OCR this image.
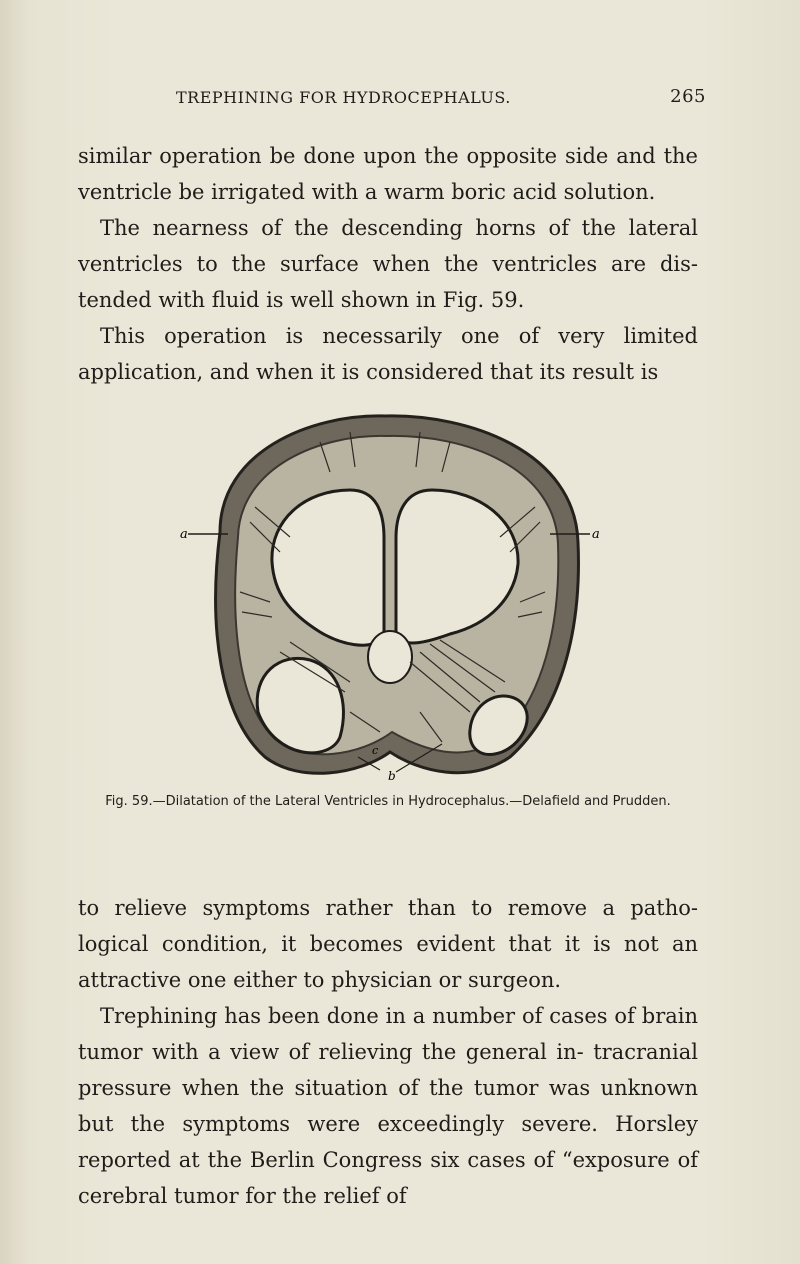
TREPHINING FOR HYDROCEPHALUS.	265

similar operation be done upon the opposite side and the ventricle be irrigated with a warm boric acid solution.

The nearness of the descending horns of the lateral ventricles to the surface when the ventricles are dis- tended with fluid is well shown in Fig. 59.

This operation is necessarily one of very limited application, and when it is considered that its result is

a	a
b
c
Fig. 59.—Dilatation of the Lateral Ventricles in Hydrocephalus.—Delafield and Prudden.

to relieve symptoms rather than to remove a patho- logical condition, it becomes evident that it is not an attractive one either to physician or surgeon.

Trephining has been done in a number of cases of brain tumor with a view of relieving the general in- tracranial pressure when the situation of the tumor was unknown but the symptoms were exceedingly severe. Horsley reported at the Berlin Congress six cases of “exposure of cerebral tumor for the relief of
